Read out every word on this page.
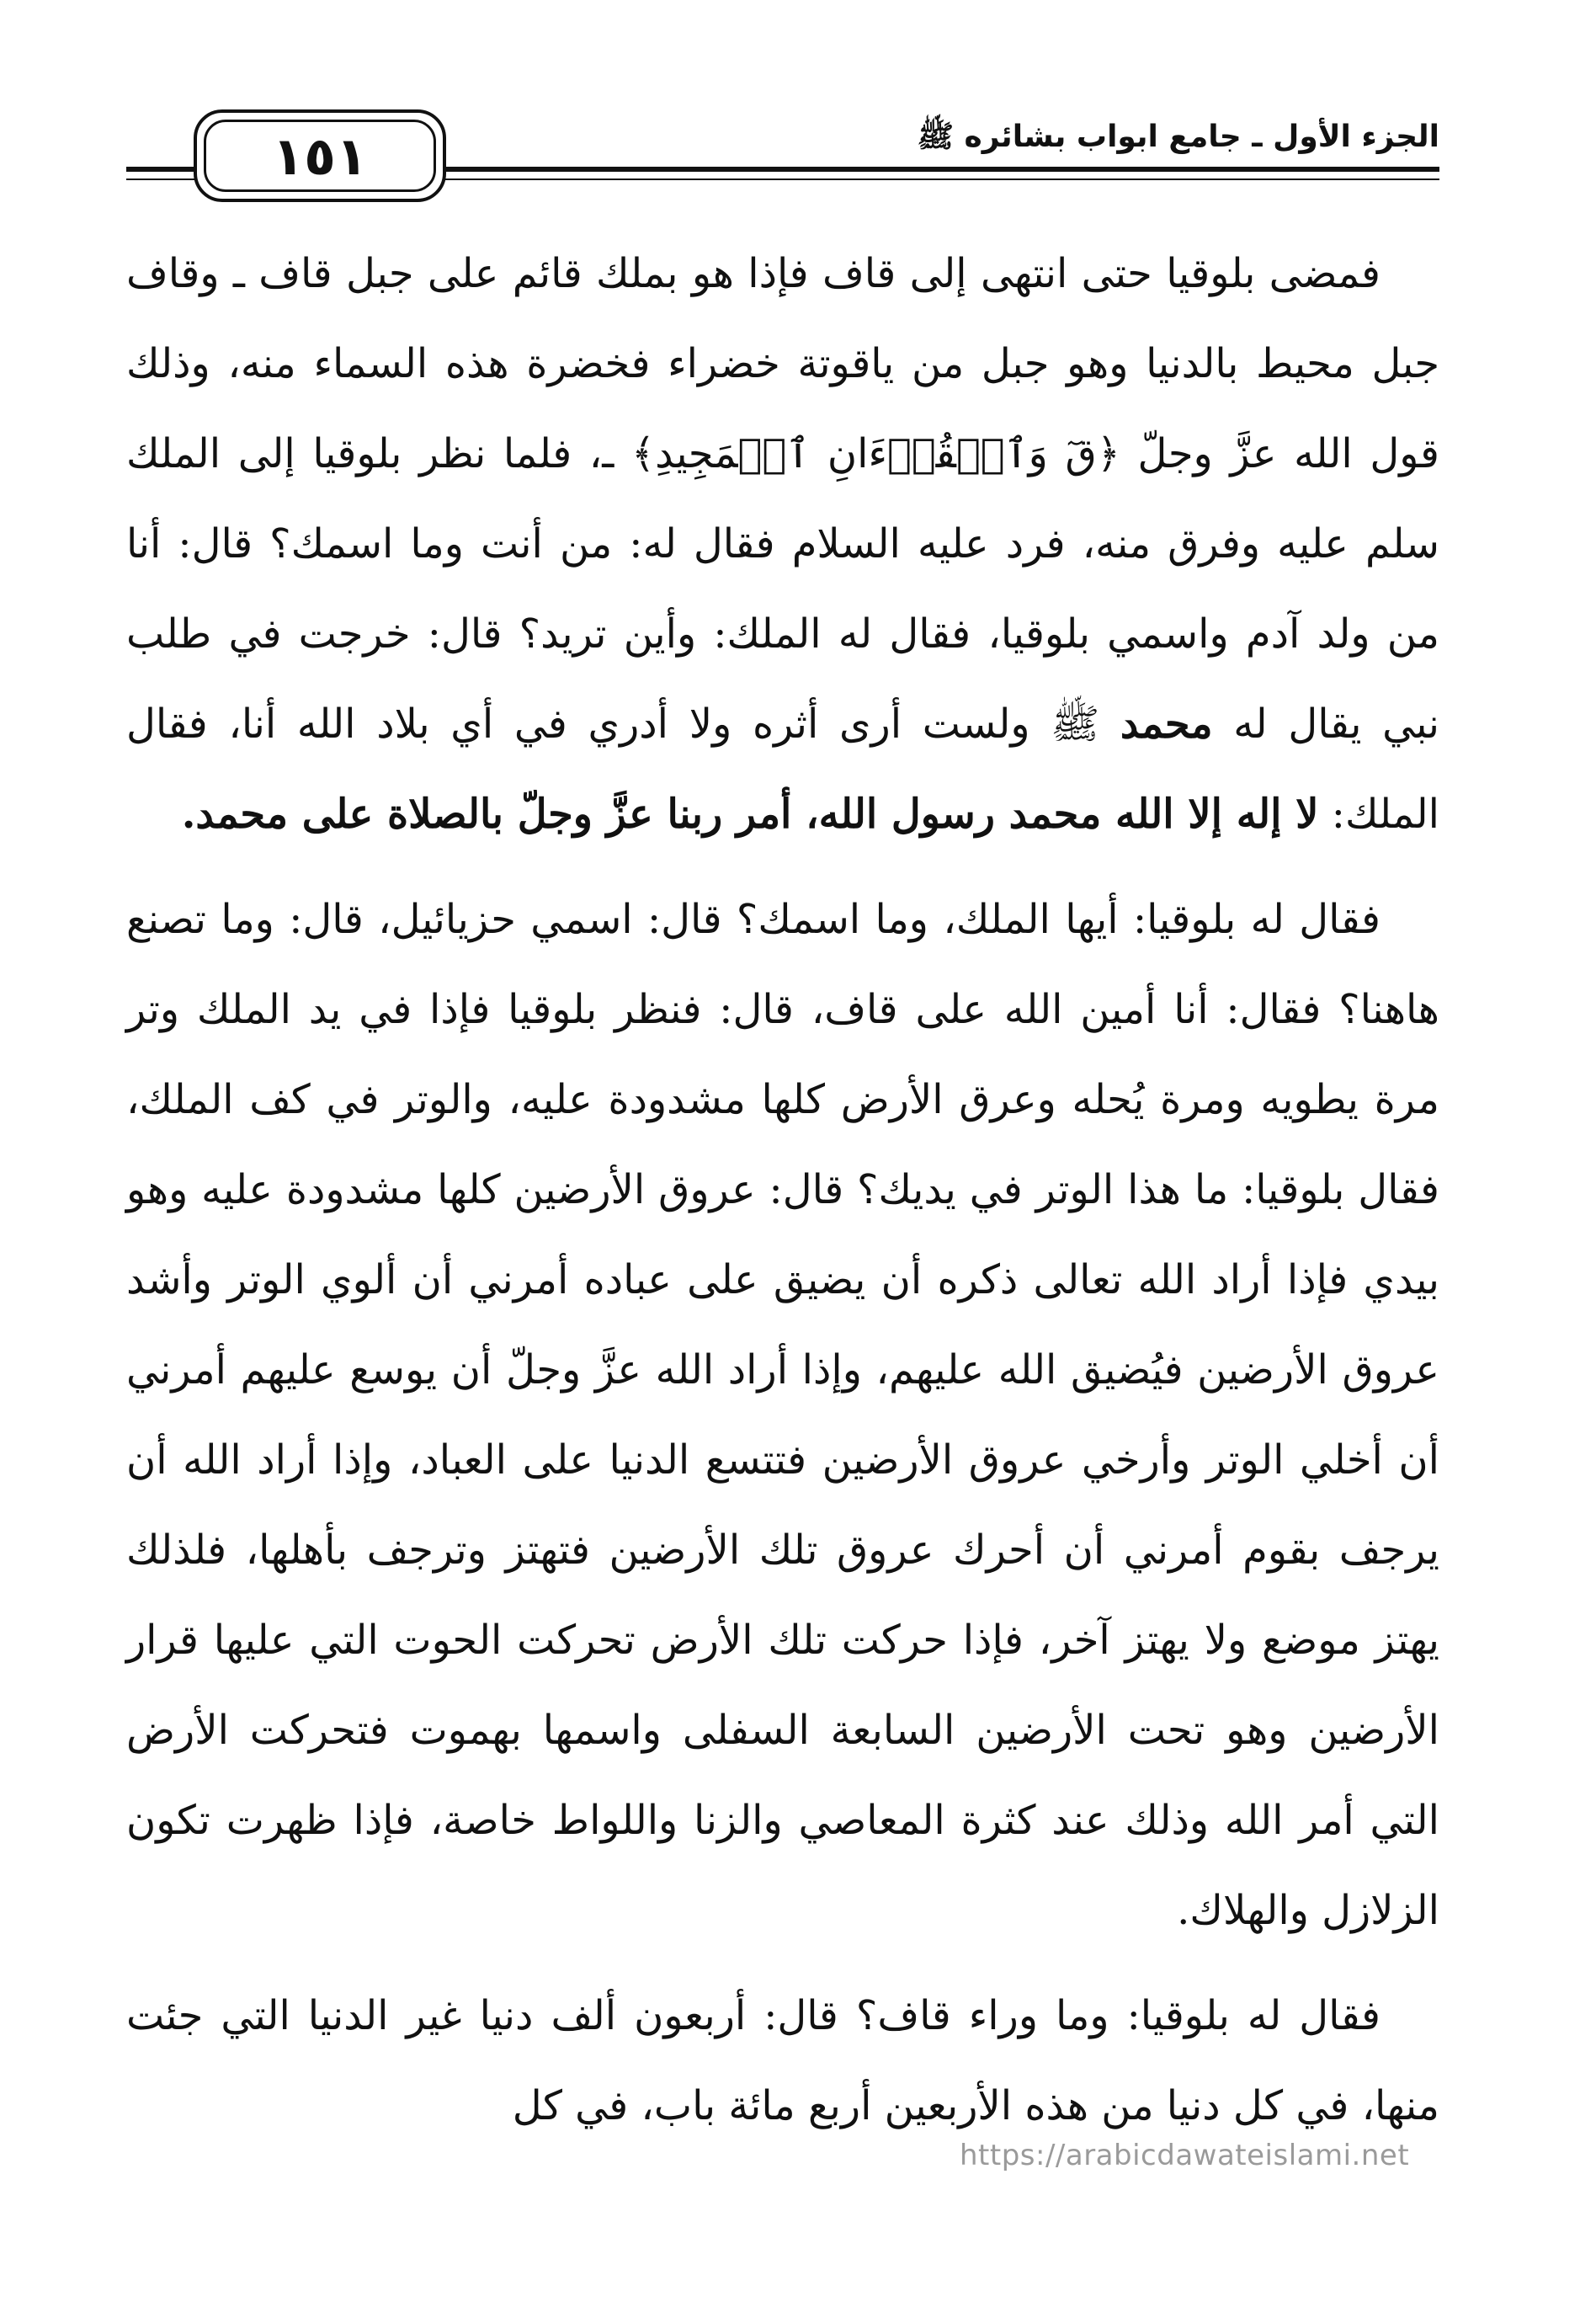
١٥١	الجزء الأول ـ جامع ابواب بشائره ﷺ

فمضى بلوقيا حتى انتهى إلى قاف فإذا هو بملك قائم على جبل قاف ـ وقاف جبل محيط بالدنيا وهو جبل من ياقوتة خضراء فخضرة هذه السماء منه، وذلك قول الله عزَّ وجلّ ﴿قٓ وَٱلۡقُرۡءَانِ ٱلۡمَجِيدِ﴾ ـ، فلما نظر بلوقيا إلى الملك سلم عليه وفرق منه، فرد عليه السلام فقال له: من أنت وما اسمك؟ قال: أنا من ولد آدم واسمي بلوقيا، فقال له الملك: وأين تريد؟ قال: خرجت في طلب نبي يقال له محمد ﷺ ولست أرى أثره ولا أدري في أي بلاد الله أنا، فقال الملك: لا إله إلا الله محمد رسول الله، أمر ربنا عزَّ وجلّ بالصلاة على محمد.

فقال له بلوقيا: أيها الملك، وما اسمك؟ قال: اسمي حزيائيل، قال: وما تصنع هاهنا؟ فقال: أنا أمين الله على قاف، قال: فنظر بلوقيا فإذا في يد الملك وتر مرة يطويه ومرة يُحله وعرق الأرض كلها مشدودة عليه، والوتر في كف الملك، فقال بلوقيا: ما هذا الوتر في يديك؟ قال: عروق الأرضين كلها مشدودة عليه وهو بيدي فإذا أراد الله تعالى ذكره أن يضيق على عباده أمرني أن ألوي الوتر وأشد عروق الأرضين فيُضيق الله عليهم، وإذا أراد الله عزَّ وجلّ أن يوسع عليهم أمرني أن أخلي الوتر وأرخي عروق الأرضين فتتسع الدنيا على العباد، وإذا أراد الله أن يرجف بقوم أمرني أن أحرك عروق تلك الأرضين فتهتز وترجف بأهلها، فلذلك يهتز موضع ولا يهتز آخر، فإذا حركت تلك الأرض تحركت الحوت التي عليها قرار الأرضين وهو تحت الأرضين السابعة السفلى واسمها بهموت فتحركت الأرض التي أمر الله وذلك عند كثرة المعاصي والزنا واللواط خاصة، فإذا ظهرت تكون الزلازل والهلاك.

فقال له بلوقيا: وما وراء قاف؟ قال: أربعون ألف دنيا غير الدنيا التي جئت منها، في كل دنيا من هذه الأربعين أربع مائة باب، في كل

https://arabicdawateislami.net
